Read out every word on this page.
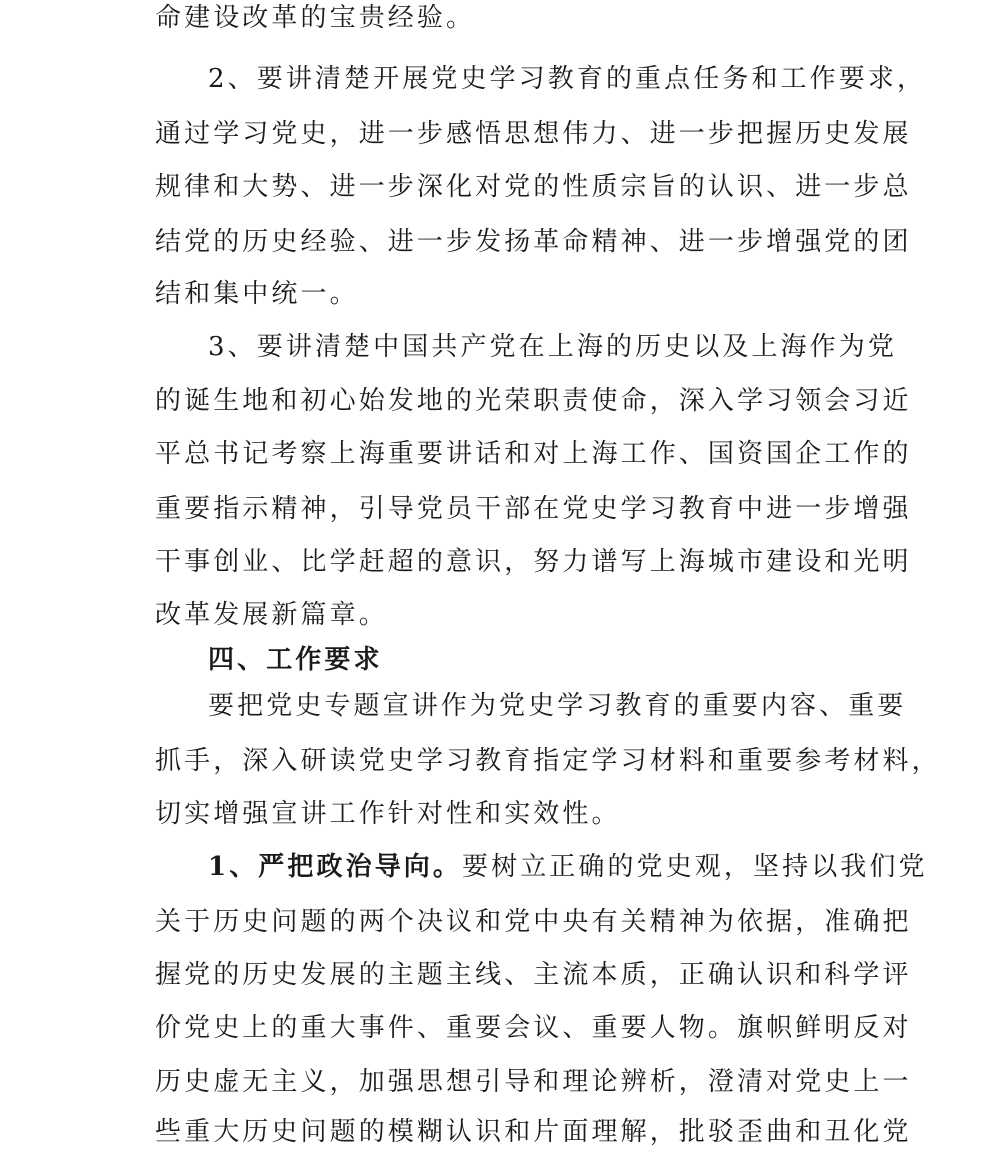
命建设改革的宝贵经验。
2、要讲清楚开展党史学习教育的重点任务和工作要求，
通过学习党史，进一步感悟思想伟力、进一步把握历史发展
规律和大势、进一步深化对党的性质宗旨的认识、进一步总
结党的历史经验、进一步发扬革命精神、进一步增强党的团
结和集中统一。
3、要讲清楚中国共产党在上海的历史以及上海作为党
的诞生地和初心始发地的光荣职责使命，深入学习领会习近
平总书记考察上海重要讲话和对上海工作、国资国企工作的
重要指示精神，引导党员干部在党史学习教育中进一步增强
干事创业、比学赶超的意识，努力谱写上海城市建设和光明
改革发展新篇章。
四、工作要求
要把党史专题宣讲作为党史学习教育的重要内容、重要
抓手，深入研读党史学习教育指定学习材料和重要参考材料，
切实增强宣讲工作针对性和实效性。
1、严把政治导向。要树立正确的党史观，坚持以我们党
关于历史问题的两个决议和党中央有关精神为依据，准确把
握党的历史发展的主题主线、主流本质，正确认识和科学评
价党史上的重大事件、重要会议、重要人物。旗帜鲜明反对
历史虚无主义，加强思想引导和理论辨析，澄清对党史上一
些重大历史问题的模糊认识和片面理解，批驳歪曲和丑化党
